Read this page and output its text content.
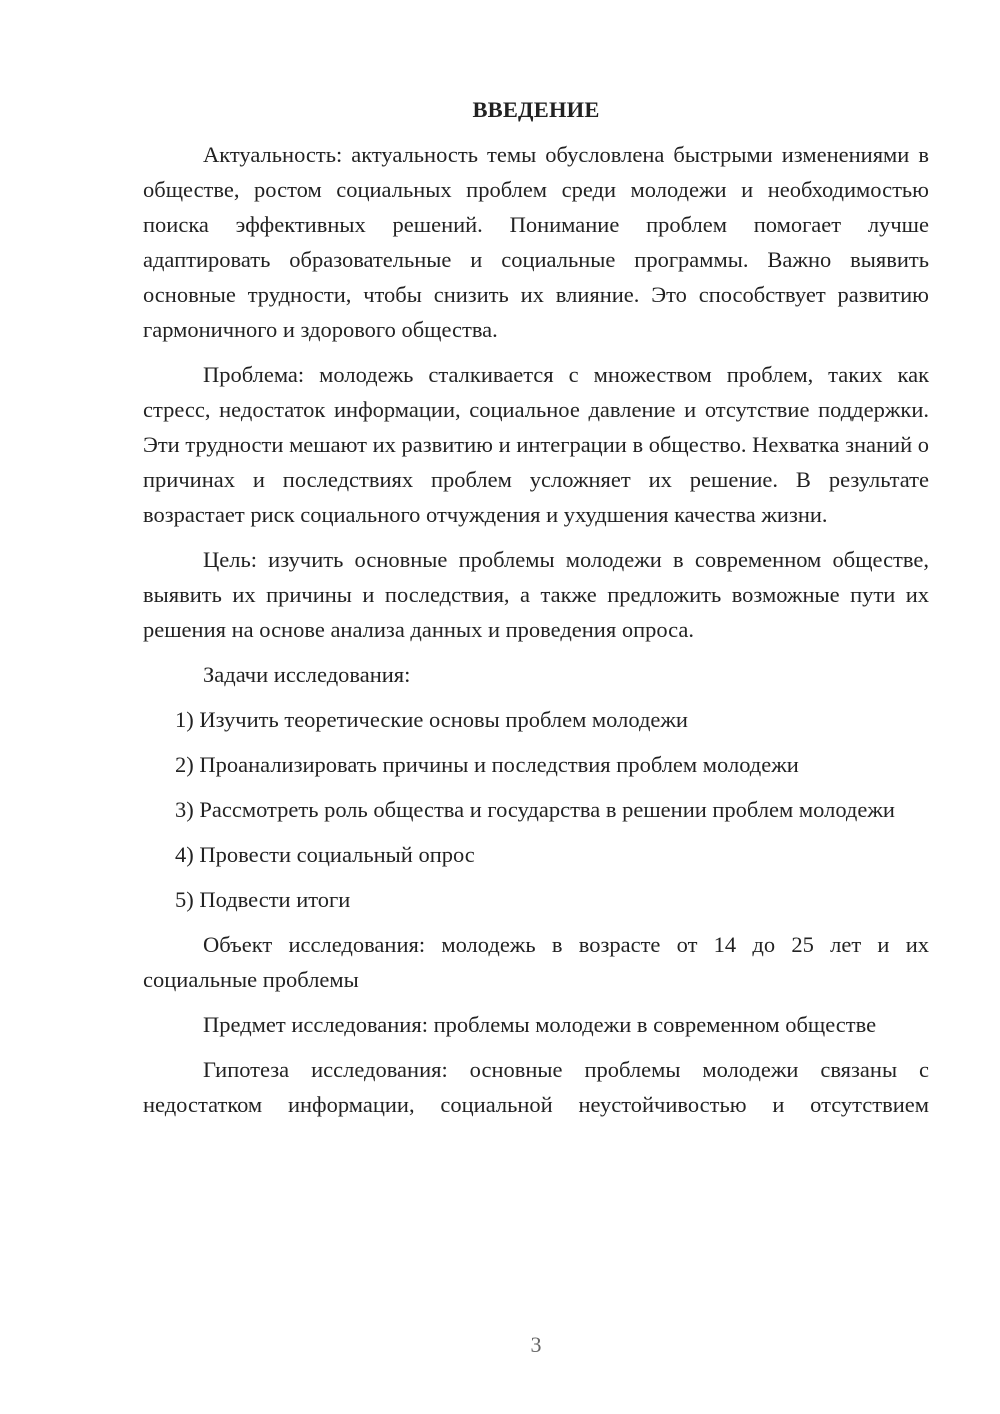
ВВЕДЕНИЕ

Актуальность: актуальность темы обусловлена быстрыми изменениями в обществе, ростом социальных проблем среди молодежи и необходимостью поиска эффективных решений. Понимание проблем помогает лучше адаптировать образовательные и социальные программы. Важно выявить основные трудности, чтобы снизить их влияние. Это способствует развитию гармоничного и здорового общества.

Проблема: молодежь сталкивается с множеством проблем, таких как стресс, недостаток информации, социальное давление и отсутствие поддержки. Эти трудности мешают их развитию и интеграции в общество. Нехватка знаний о причинах и последствиях проблем усложняет их решение. В результате возрастает риск социального отчуждения и ухудшения качества жизни.

Цель: изучить основные проблемы молодежи в современном обществе, выявить их причины и последствия, а также предложить возможные пути их решения на основе анализа данных и проведения опроса.

Задачи исследования:

1) Изучить теоретические основы проблем молодежи

2) Проанализировать причины и последствия проблем молодежи

3) Рассмотреть роль общества и государства в решении проблем молодежи

4) Провести социальный опрос

5) Подвести итоги

Объект исследования: молодежь в возрасте от 14 до 25 лет и их социальные проблемы

Предмет исследования: проблемы молодежи в современном обществе

Гипотеза исследования: основные проблемы молодежи связаны с недостатком информации, социальной неустойчивостью и отсутствием

3
